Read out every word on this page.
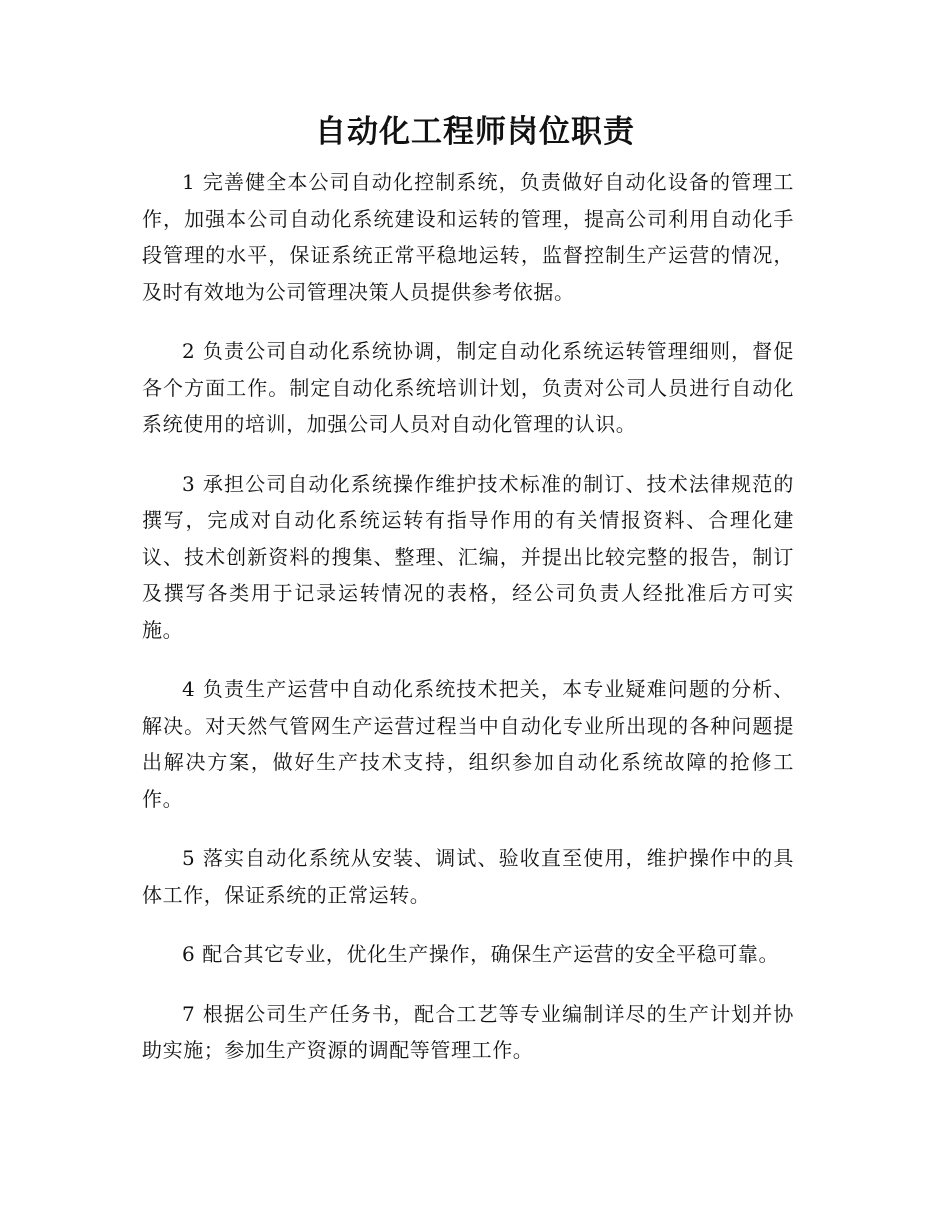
自动化工程师岗位职责

1 完善健全本公司自动化控制系统，负责做好自动化设备的管理工作，加强本公司自动化系统建设和运转的管理，提高公司利用自动化手段管理的水平，保证系统正常平稳地运转，监督控制生产运营的情况，及时有效地为公司管理决策人员提供参考依据。

2 负责公司自动化系统协调，制定自动化系统运转管理细则，督促各个方面工作。制定自动化系统培训计划，负责对公司人员进行自动化系统使用的培训，加强公司人员对自动化管理的认识。

3 承担公司自动化系统操作维护技术标准的制订、技术法律规范的撰写，完成对自动化系统运转有指导作用的有关情报资料、合理化建议、技术创新资料的搜集、整理、汇编，并提出比较完整的报告，制订及撰写各类用于记录运转情况的表格，经公司负责人经批准后方可实施。

4 负责生产运营中自动化系统技术把关，本专业疑难问题的分析、解决。对天然气管网生产运营过程当中自动化专业所出现的各种问题提出解决方案，做好生产技术支持，组织参加自动化系统故障的抢修工作。

5 落实自动化系统从安装、调试、验收直至使用，维护操作中的具体工作，保证系统的正常运转。

6 配合其它专业，优化生产操作，确保生产运营的安全平稳可靠。

7 根据公司生产任务书，配合工艺等专业编制详尽的生产计划并协助实施；参加生产资源的调配等管理工作。
